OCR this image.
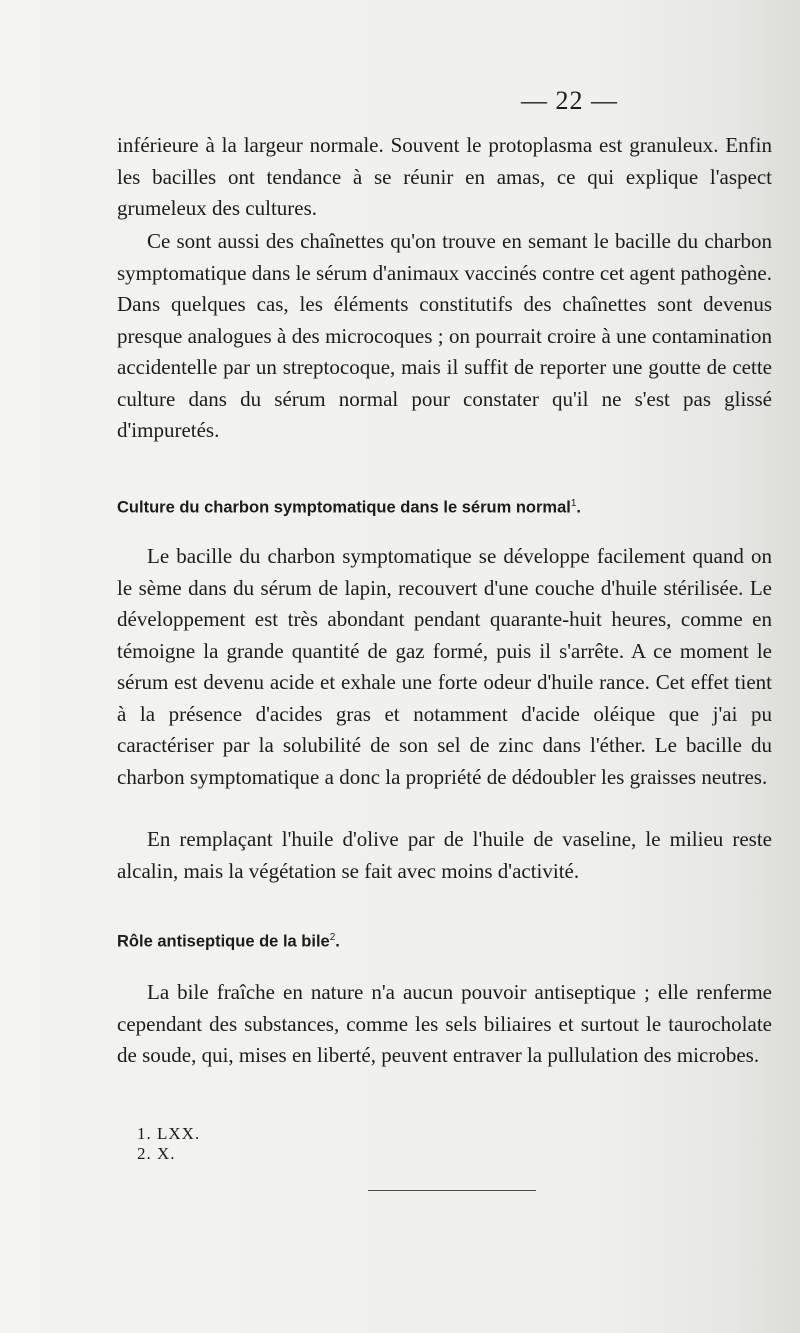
— 22 —

inférieure à la largeur normale. Souvent le protoplasma est granuleux. Enfin les bacilles ont tendance à se réunir en amas, ce qui explique l'aspect grumeleux des cultures.

Ce sont aussi des chaînettes qu'on trouve en semant le bacille du charbon symptomatique dans le sérum d'animaux vaccinés contre cet agent pathogène. Dans quelques cas, les éléments constitutifs des chaînettes sont devenus presque analogues à des microcoques ; on pourrait croire à une contamination accidentelle par un streptocoque, mais il suffit de reporter une goutte de cette culture dans du sérum normal pour constater qu'il ne s'est pas glissé d'impuretés.

Culture du charbon symptomatique dans le sérum normal$^1$.

Le bacille du charbon symptomatique se développe facilement quand on le sème dans du sérum de lapin, recouvert d'une couche d'huile stérilisée. Le développement est très abondant pendant quarante-huit heures, comme en témoigne la grande quantité de gaz formé, puis il s'arrête. A ce moment le sérum est devenu acide et exhale une forte odeur d'huile rance. Cet effet tient à la présence d'acides gras et notamment d'acide oléique que j'ai pu caractériser par la solubilité de son sel de zinc dans l'éther. Le bacille du charbon symptomatique a donc la propriété de dédoubler les graisses neutres.

En remplaçant l'huile d'olive par de l'huile de vaseline, le milieu reste alcalin, mais la végétation se fait avec moins d'activité.

Rôle antiseptique de la bile$^2$.

La bile fraîche en nature n'a aucun pouvoir antiseptique ; elle renferme cependant des substances, comme les sels biliaires et surtout le taurocholate de soude, qui, mises en liberté, peuvent entraver la pullulation des microbes.

1. LXX.
2. X.
